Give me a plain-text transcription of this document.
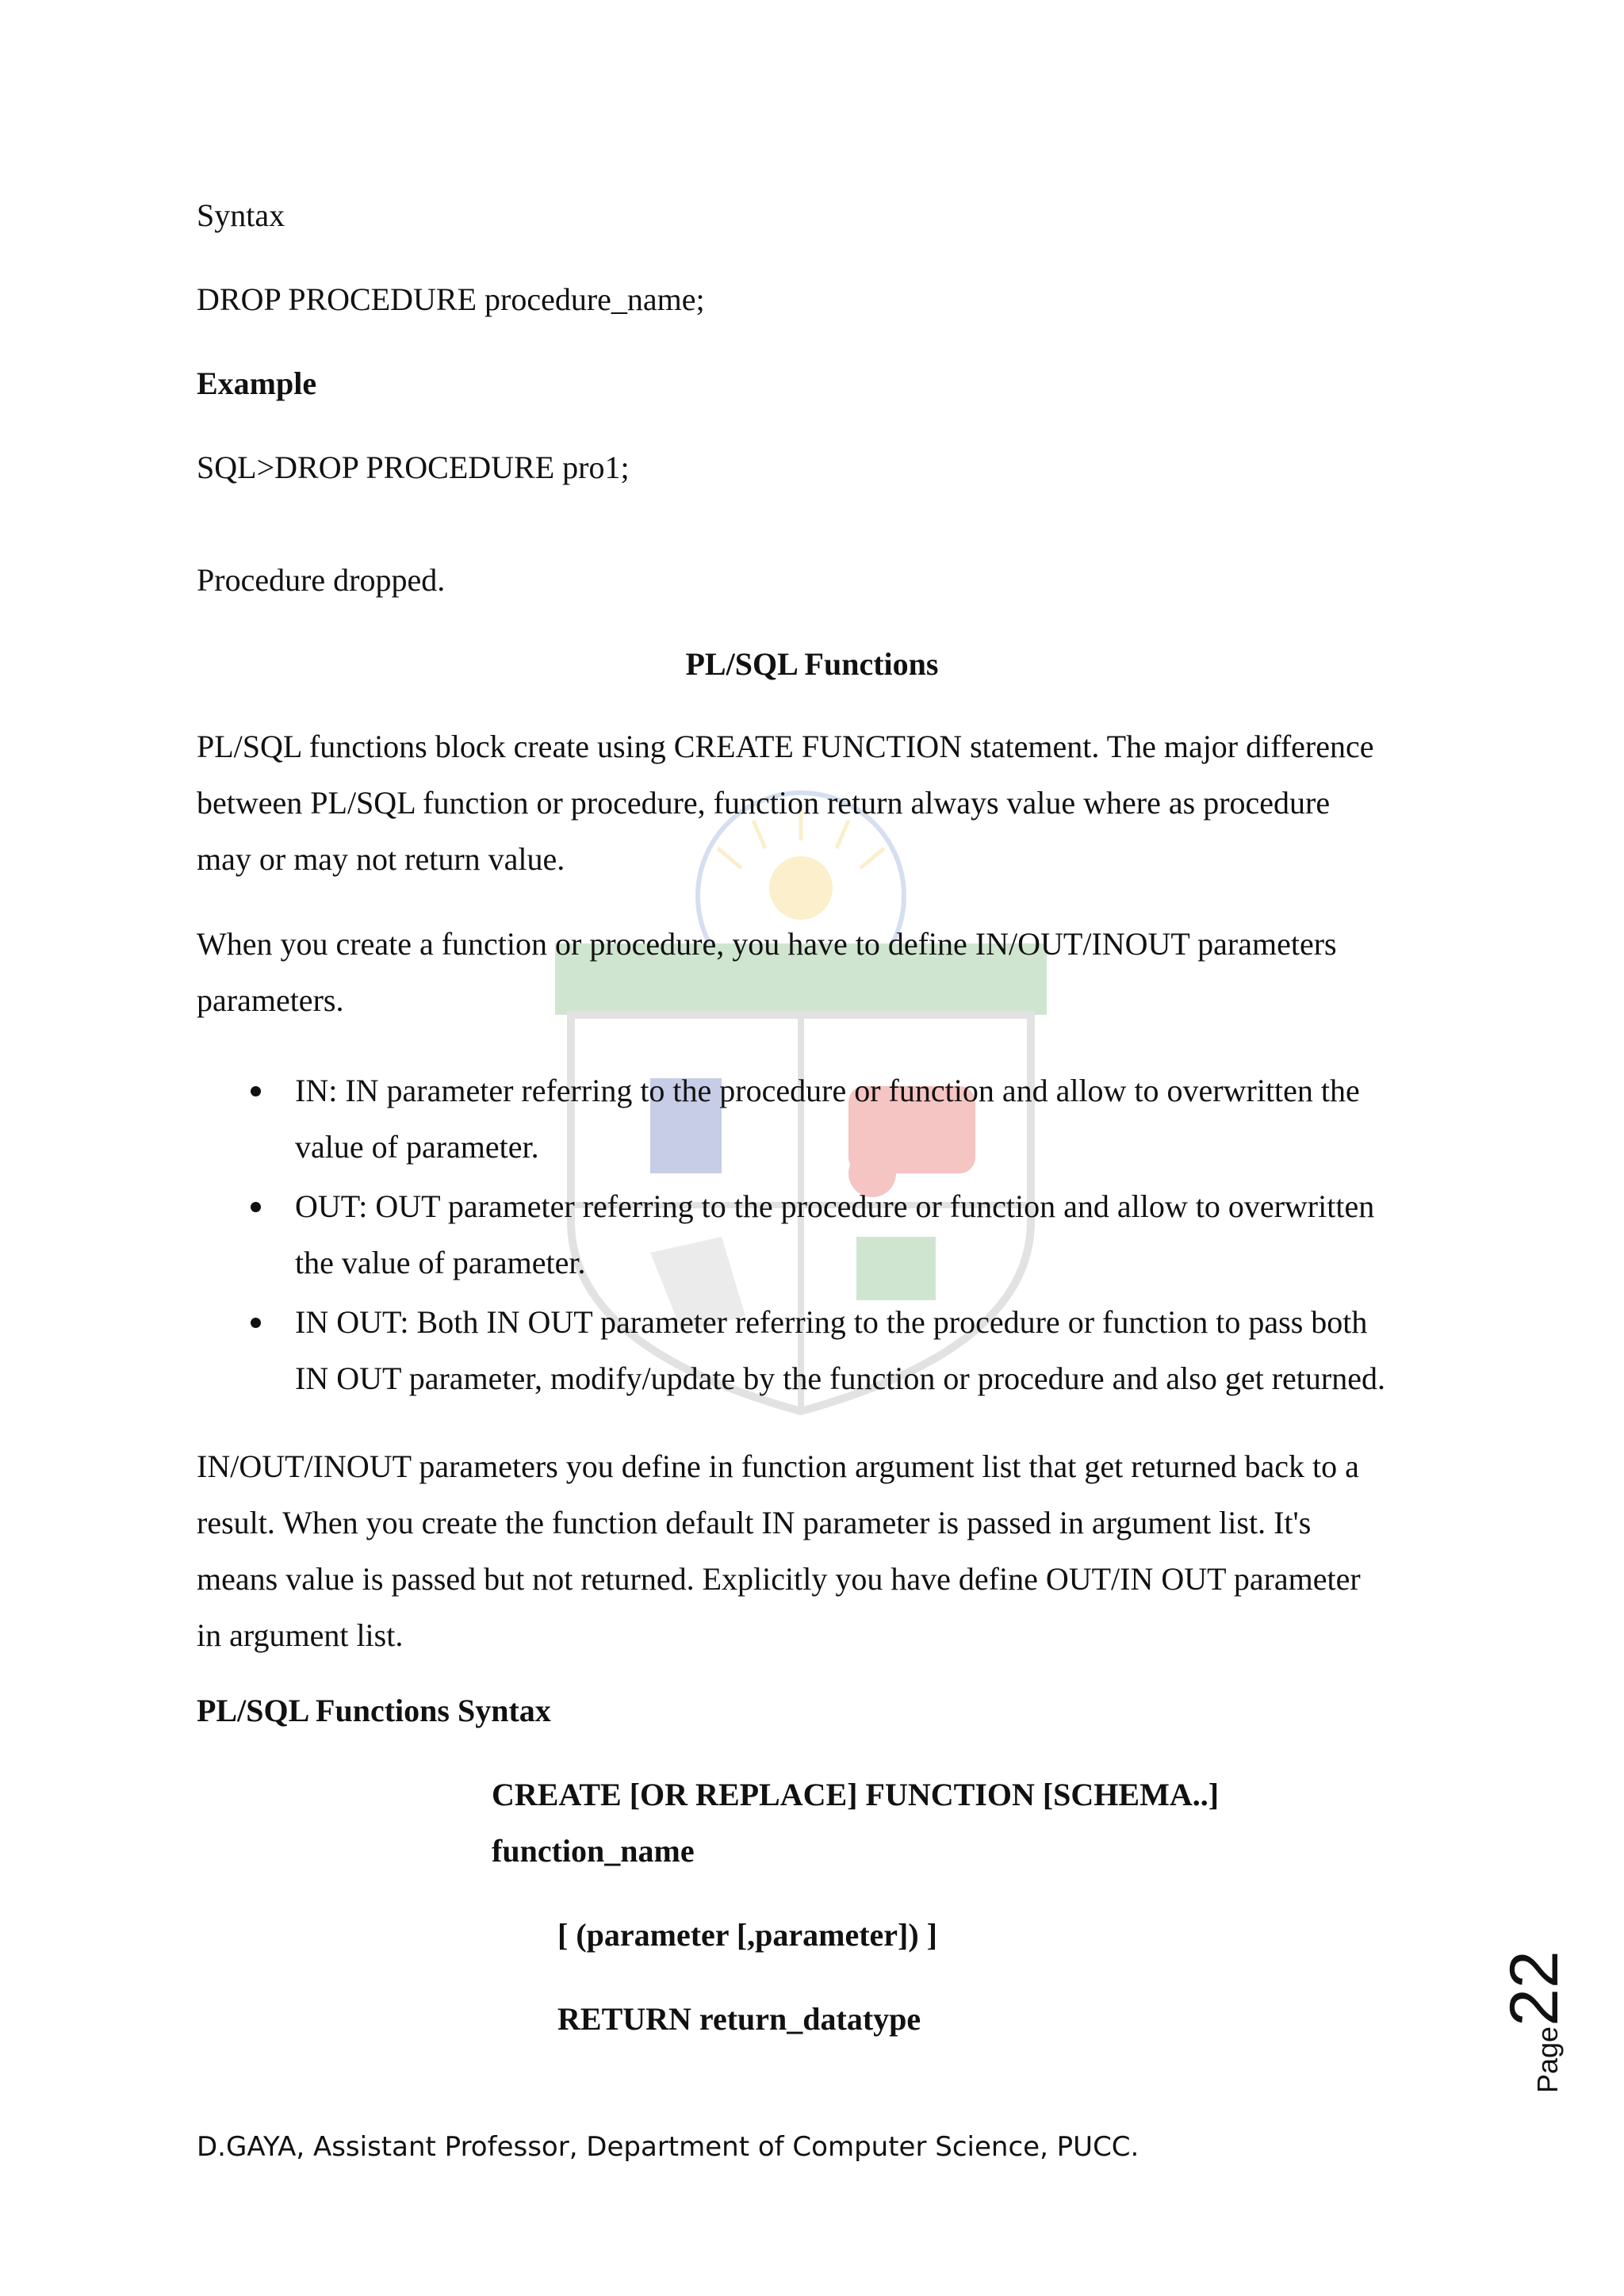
Syntax
DROP PROCEDURE procedure_name;
Example
SQL>DROP PROCEDURE pro1;
Procedure dropped.
PL/SQL Functions

PL/SQL functions block create using CREATE FUNCTION statement. The major difference

between PL/SQL function or procedure, function return always value where as procedure

may or may not return value.

When you create a function or procedure, you have to define IN/OUT/INOUT parameters

parameters.

IN: IN parameter referring to the procedure or function and allow to overwritten the
value of parameter.
OUT: OUT parameter referring to the procedure or function and allow to overwritten
the value of parameter.
IN OUT: Both IN OUT parameter referring to the procedure or function to pass both
IN OUT parameter, modify/update by the function or procedure and also get returned.

IN/OUT/INOUT parameters you define in function argument list that get returned back to a

result. When you create the function default IN parameter is passed in argument list. It's

means value is passed but not returned. Explicitly you have define OUT/IN OUT parameter

in argument list.

PL/SQL Functions Syntax
CREATE [OR REPLACE] FUNCTION [SCHEMA..]
function_name
[ (parameter [,parameter]) ]
RETURN return_datatype
Page22
D.GAYA, Assistant Professor, Department of Computer Science, PUCC.
